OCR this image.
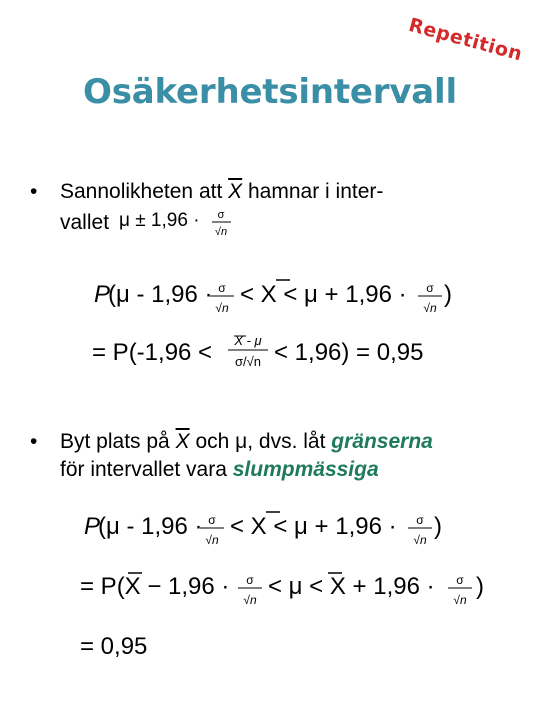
Repetition
Osäkerhetsintervall
• Sannolikheten att $\overline{X}$ hamnar i inter-
vallet μ ± 1,96 · σ
√n
P
(μ - 1,96 · σ
√n < X < μ + 1,96 · σ
√n )
= P(-1,96 < X - μ
σ/√n < 1,96) = 0,95
• Byt plats på $\overline{X}$ och μ, dvs. låt gränserna
för intervallet vara slumpmässiga
P
(μ - 1,96 · σ
√n < X < μ + 1,96 · σ
√n )
= P(X − 1,96 · σ
√n < μ < X + 1,96 · σ
√n )
= 0,95
